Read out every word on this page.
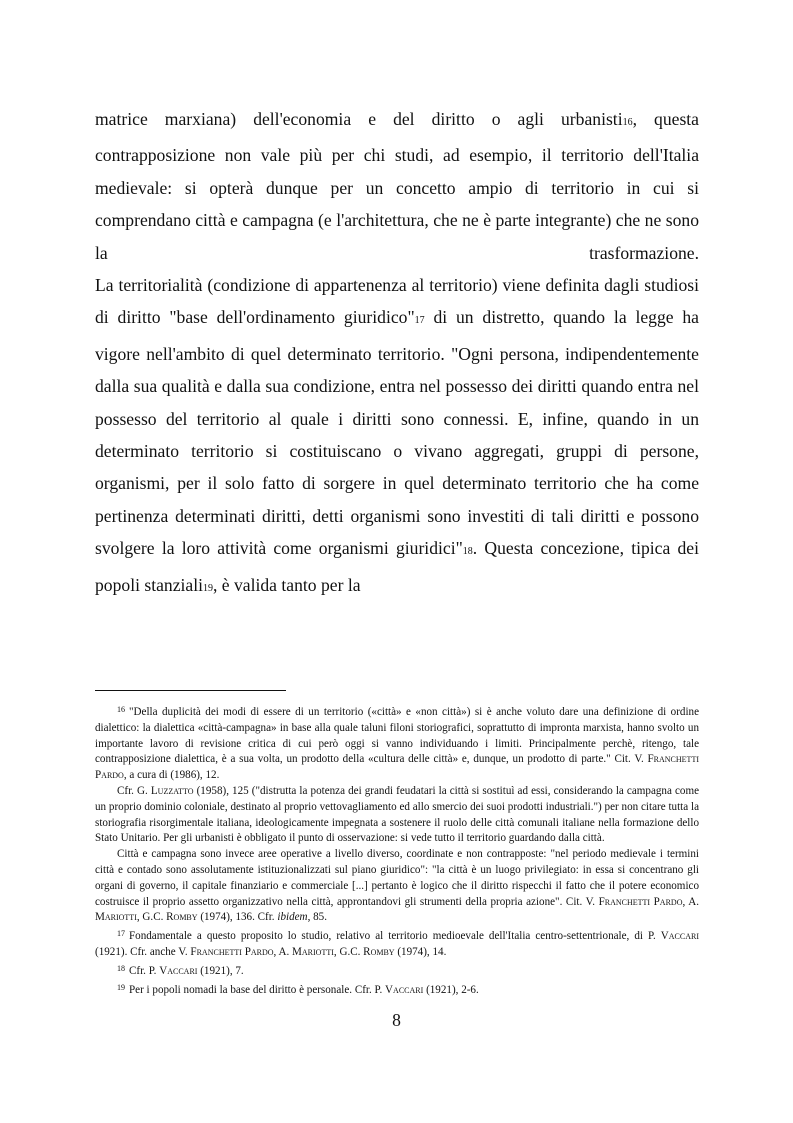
matrice marxiana) dell'economia e del diritto o agli urbanisti16, questa contrapposizione non vale più per chi studi, ad esempio, il territorio dell'Italia medievale: si opterà dunque per un concetto ampio di territorio in cui si comprendano città e campagna (e l'architettura, che ne è parte integrante) che ne sono la trasformazione.

La territorialità (condizione di appartenenza al territorio) viene definita dagli studiosi di diritto "base dell'ordinamento giuridico"17 di un distretto, quando la legge ha vigore nell'ambito di quel determinato territorio. "Ogni persona, indipendentemente dalla sua qualità e dalla sua condizione, entra nel possesso dei diritti quando entra nel possesso del territorio al quale i diritti sono connessi. E, infine, quando in un determinato territorio si costituiscano o vivano aggregati, gruppi di persone, organismi, per il solo fatto di sorgere in quel determinato territorio che ha come pertinenza determinati diritti, detti organismi sono investiti di tali diritti e possono svolgere la loro attività come organismi giuridici"18. Questa concezione, tipica dei popoli stanziali19, è valida tanto per la

$^{16}$ "Della duplicità dei modi di essere di un territorio («città» e «non città») si è anche voluto dare una definizione di ordine dialettico: la dialettica «città-campagna» in base alla quale taluni filoni storiografici, soprattutto di impronta marxista, hanno svolto un importante lavoro di revisione critica di cui però oggi si vanno individuando i limiti. Principalmente perchè, ritengo, tale contrapposizione dialettica, è a sua volta, un prodotto della «cultura delle città» e, dunque, un prodotto di parte." Cit. V. Franchetti Pardo, a cura di (1986), 12.

Cfr. G. Luzzatto (1958), 125 ("distrutta la potenza dei grandi feudatari la città si sostituì ad essi, considerando la campagna come un proprio dominio coloniale, destinato al proprio vettovagliamento ed allo smercio dei suoi prodotti industriali.") per non citare tutta la storiografia risorgimentale italiana, ideologicamente impegnata a sostenere il ruolo delle città comunali italiane nella formazione dello Stato Unitario. Per gli urbanisti è obbligato il punto di osservazione: si vede tutto il territorio guardando dalla città.

Città e campagna sono invece aree operative a livello diverso, coordinate e non contrapposte: "nel periodo medievale i termini città e contado sono assolutamente istituzionalizzati sul piano giuridico": "la città è un luogo privilegiato: in essa si concentrano gli organi di governo, il capitale finanziario e commerciale [...] pertanto è logico che il diritto rispecchi il fatto che il potere economico costruisce il proprio assetto organizzativo nella città, approntandovi gli strumenti della propria azione". Cit. V. Franchetti Pardo, A. Mariotti, G.C. Romby (1974), 136. Cfr. ibidem, 85.

$^{17}$ Fondamentale a questo proposito lo studio, relativo al territorio medioevale dell'Italia centro-settentrionale, di P. Vaccari (1921). Cfr. anche V. Franchetti Pardo, A. Mariotti, G.C. Romby (1974), 14.

$^{18}$ Cfr. P. Vaccari (1921), 7.

$^{19}$ Per i popoli nomadi la base del diritto è personale. Cfr. P. Vaccari (1921), 2-6.

8
